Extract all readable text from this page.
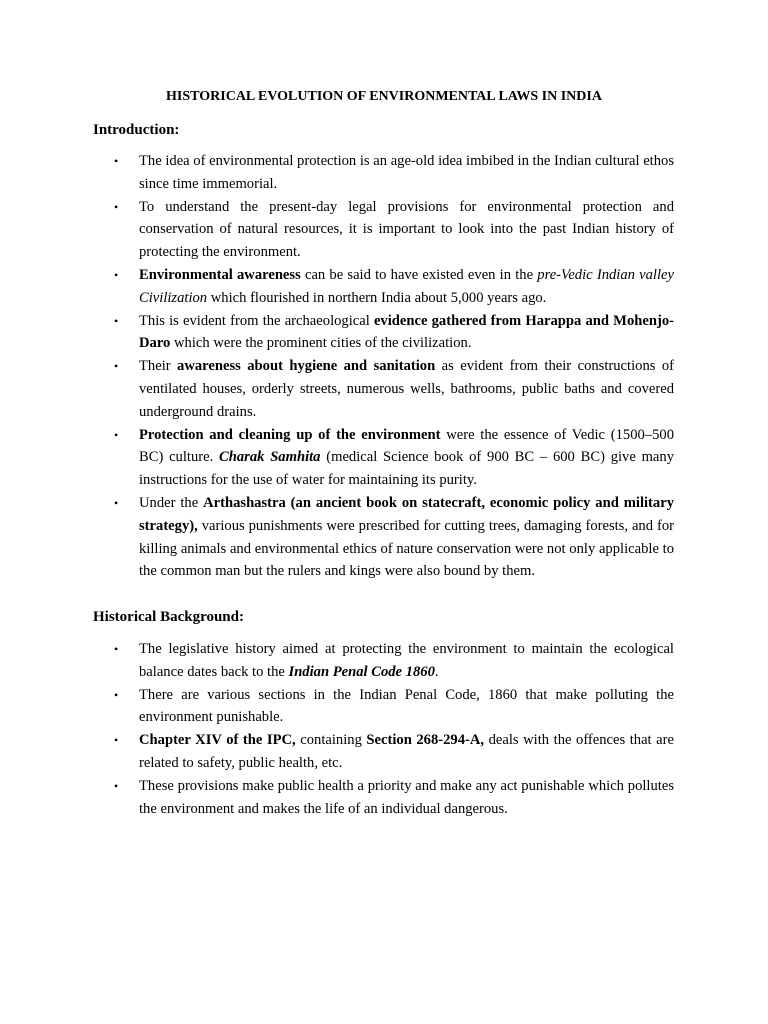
HISTORICAL EVOLUTION OF ENVIRONMENTAL LAWS IN INDIA
Introduction:
• The idea of environmental protection is an age-old idea imbibed in the Indian cultural ethos since time immemorial.
• To understand the present-day legal provisions for environmental protection and conservation of natural resources, it is important to look into the past Indian history of protecting the environment.
• Environmental awareness can be said to have existed even in the pre-Vedic Indian valley Civilization which flourished in northern India about 5,000 years ago.
• This is evident from the archaeological evidence gathered from Harappa and Mohenjo-Daro which were the prominent cities of the civilization.
• Their awareness about hygiene and sanitation as evident from their constructions of ventilated houses, orderly streets, numerous wells, bathrooms, public baths and covered underground drains.
• Protection and cleaning up of the environment were the essence of Vedic (1500–500 BC) culture. Charak Samhita (medical Science book of 900 BC – 600 BC) give many instructions for the use of water for maintaining its purity.
• Under the Arthashastra (an ancient book on statecraft, economic policy and military strategy), various punishments were prescribed for cutting trees, damaging forests, and for killing animals and environmental ethics of nature conservation were not only applicable to the common man but the rulers and kings were also bound by them.
Historical Background:
• The legislative history aimed at protecting the environment to maintain the ecological balance dates back to the Indian Penal Code 1860.
• There are various sections in the Indian Penal Code, 1860 that make polluting the environment punishable.
• Chapter XIV of the IPC, containing Section 268-294-A, deals with the offences that are related to safety, public health, etc.
• These provisions make public health a priority and make any act punishable which pollutes the environment and makes the life of an individual dangerous.
